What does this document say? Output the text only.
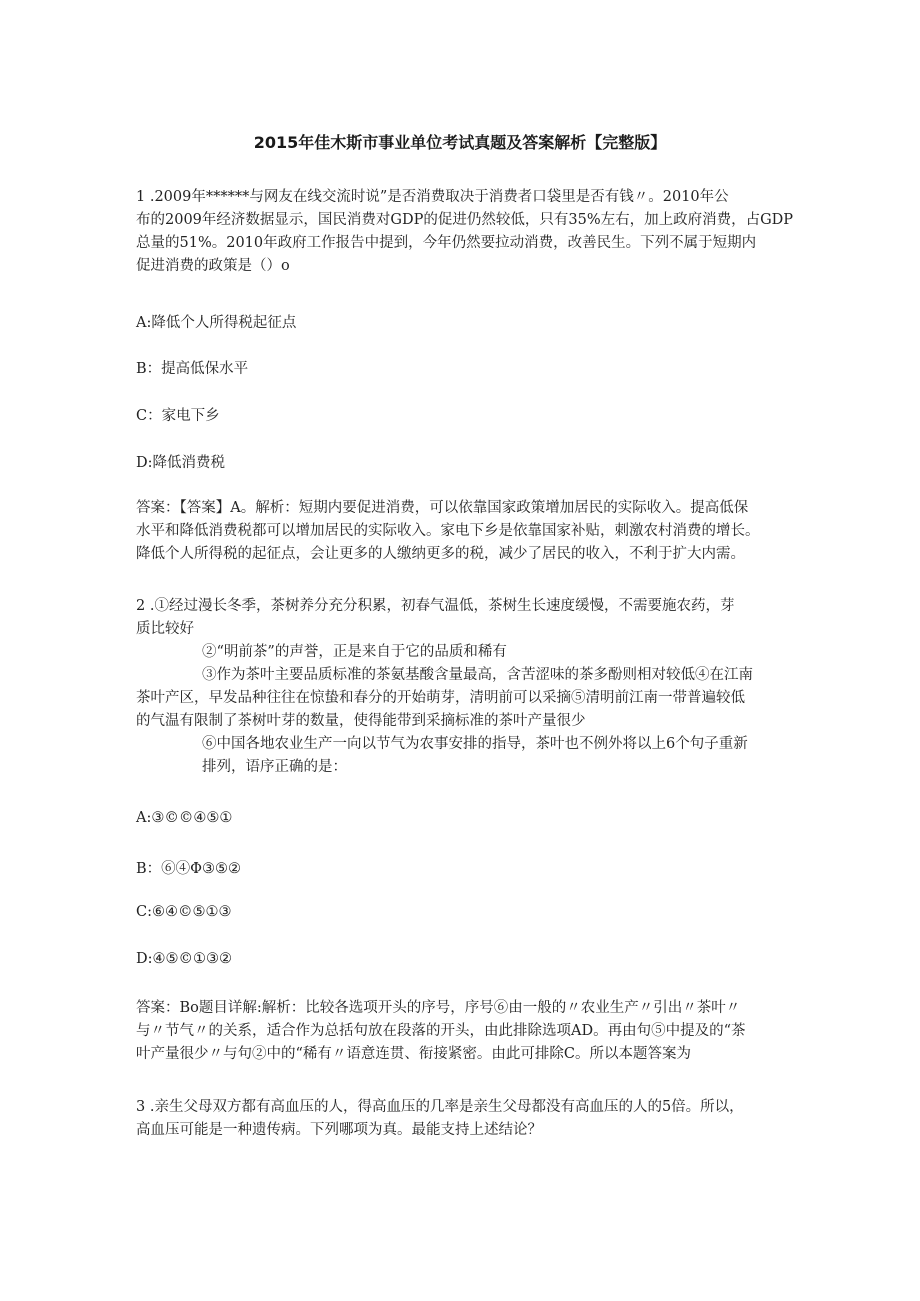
2015年佳木斯市事业单位考试真题及答案解析【完整版】
1 .2009年******与网友在线交流时说”是否消费取决于消费者口袋里是否有钱〃。2010年公
布的2009年经济数据显示，国民消费对GDP的促进仍然较低，只有35%左右，加上政府消费，占GDP
总量的51%。2010年政府工作报告中提到，今年仍然要拉动消费，改善民生。下列不属于短期内
促进消费的政策是（）o
A:降低个人所得税起征点
B：提高低保水平
C：家电下乡
D:降低消费税
答案：【答案】A。解析：短期内要促进消费，可以依靠国家政策增加居民的实际收入。提高低保
水平和降低消费税都可以增加居民的实际收入。家电下乡是依靠国家补贴，刺激农村消费的增长。
降低个人所得税的起征点，会让更多的人缴纳更多的税，减少了居民的收入，不利于扩大内需。
2 .①经过漫长冬季，茶树养分充分积累，初春气温低，茶树生长速度缓慢，不需要施农药，芽
质比较好
②“明前茶”的声誉，正是来自于它的品质和稀有
③作为茶叶主要品质标准的茶氨基酸含量最高，含苦涩味的茶多酚则相对较低④在江南
茶叶产区，早发品种往往在惊蛰和春分的开始萌芽，清明前可以采摘⑤清明前江南一带普遍较低
的气温有限制了茶树叶芽的数量，使得能带到采摘标准的茶叶产量很少
⑥中国各地农业生产一向以节气为农事安排的指导，茶叶也不例外将以上6个句子重新
排列，语序正确的是：
A:③©©④⑤①
B：⑥④Φ③⑤②
C:⑥④©⑤①③
D:④⑤©①③②
答案：Bo题目详解:解析：比较各选项开头的序号，序号⑥由一般的〃农业生产〃引出〃茶叶〃
与〃节气〃的关系，适合作为总括句放在段落的开头，由此排除选项AD。再由句⑤中提及的“茶
叶产量很少〃与句②中的“稀有〃语意连贯、衔接紧密。由此可排除C。所以本题答案为
3 .亲生父母双方都有高血压的人，得高血压的几率是亲生父母都没有高血压的人的5倍。所以，
高血压可能是一种遗传病。下列哪项为真。最能支持上述结论？
